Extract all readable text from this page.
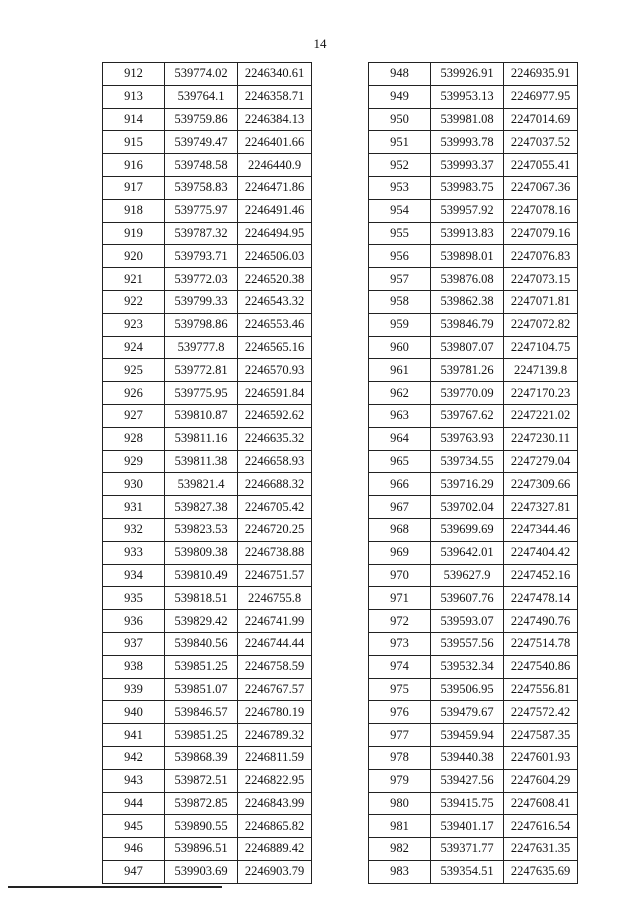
14
912	539774.02	2246340.61
913	539764.1	2246358.71
914	539759.86	2246384.13
915	539749.47	2246401.66
916	539748.58	2246440.9
917	539758.83	2246471.86
918	539775.97	2246491.46
919	539787.32	2246494.95
920	539793.71	2246506.03
921	539772.03	2246520.38
922	539799.33	2246543.32
923	539798.86	2246553.46
924	539777.8	2246565.16
925	539772.81	2246570.93
926	539775.95	2246591.84
927	539810.87	2246592.62
928	539811.16	2246635.32
929	539811.38	2246658.93
930	539821.4	2246688.32
931	539827.38	2246705.42
932	539823.53	2246720.25
933	539809.38	2246738.88
934	539810.49	2246751.57
935	539818.51	2246755.8
936	539829.42	2246741.99
937	539840.56	2246744.44
938	539851.25	2246758.59
939	539851.07	2246767.57
940	539846.57	2246780.19
941	539851.25	2246789.32
942	539868.39	2246811.59
943	539872.51	2246822.95
944	539872.85	2246843.99
945	539890.55	2246865.82
946	539896.51	2246889.42
947	539903.69	2246903.79
948	539926.91	2246935.91
949	539953.13	2246977.95
950	539981.08	2247014.69
951	539993.78	2247037.52
952	539993.37	2247055.41
953	539983.75	2247067.36
954	539957.92	2247078.16
955	539913.83	2247079.16
956	539898.01	2247076.83
957	539876.08	2247073.15
958	539862.38	2247071.81
959	539846.79	2247072.82
960	539807.07	2247104.75
961	539781.26	2247139.8
962	539770.09	2247170.23
963	539767.62	2247221.02
964	539763.93	2247230.11
965	539734.55	2247279.04
966	539716.29	2247309.66
967	539702.04	2247327.81
968	539699.69	2247344.46
969	539642.01	2247404.42
970	539627.9	2247452.16
971	539607.76	2247478.14
972	539593.07	2247490.76
973	539557.56	2247514.78
974	539532.34	2247540.86
975	539506.95	2247556.81
976	539479.67	2247572.42
977	539459.94	2247587.35
978	539440.38	2247601.93
979	539427.56	2247604.29
980	539415.75	2247608.41
981	539401.17	2247616.54
982	539371.77	2247631.35
983	539354.51	2247635.69
